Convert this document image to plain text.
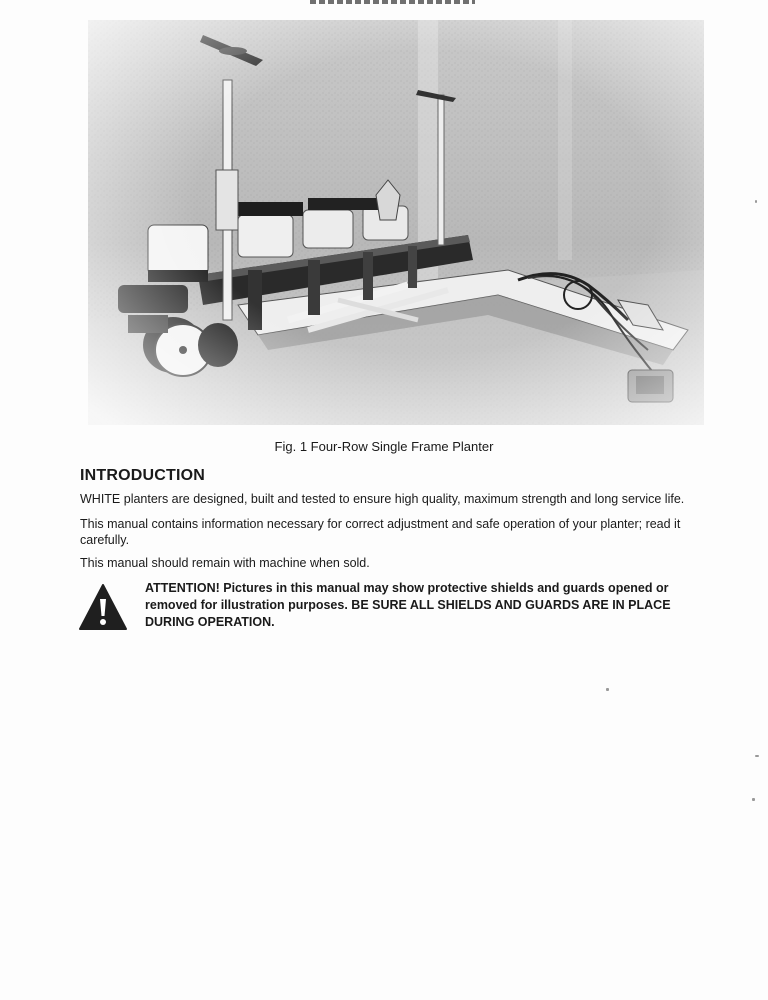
Fig. 1 Four-Row Single Frame Planter
INTRODUCTION

WHITE planters are designed, built and tested to ensure high quality, maximum strength and long service life.

This manual contains information necessary for correct adjustment and safe operation of your planter; read it carefully.

This manual should remain with machine when sold.

ATTENTION! Pictures in this manual may show protective shields and guards opened or removed for illustration purposes. BE SURE ALL SHIELDS AND GUARDS ARE IN PLACE DURING OPERATION.
